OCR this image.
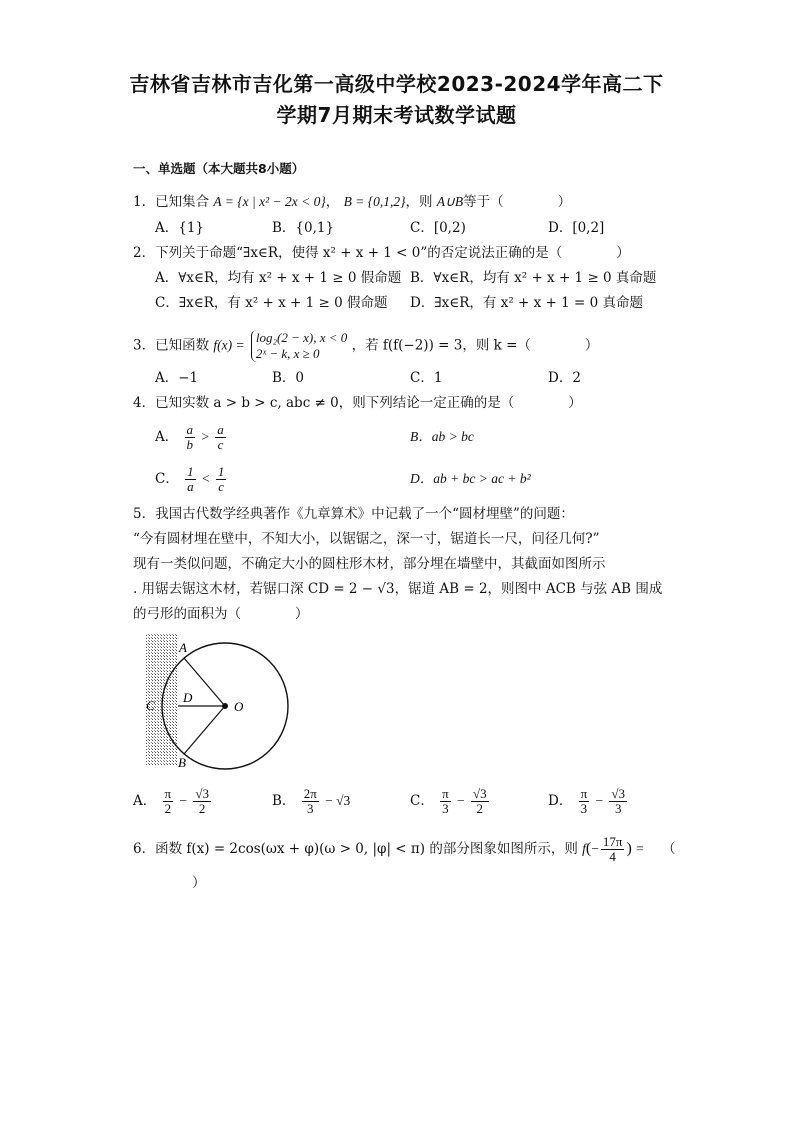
吉林省吉林市吉化第一高级中学校2023-2024学年高二下
学期7月期末考试数学试题
一、单选题（本大题共8小题）
1．已知集合 A = {x | x² − 2x < 0}， B = {0,1,2}，则 A∪B等于（　　　　）
A．{1}	B．{0,1}	C．[0,2)	D．[0,2]
2．下列关于命题“∃x∈R，使得 x² + x + 1 < 0”的否定说法正确的是（　　　　）
A．∀x∈R，均有 x² + x + 1 ≥ 0 假命题 B．∀x∈R，均有 x² + x + 1 ≥ 0 真命题
C．∃x∈R，有 x² + x + 1 ≥ 0 假命题 D．∃x∈R，有 x² + x + 1 = 0 真命题
3．已知函数 f(x) = log₂(2 − x), x < 0
2ˣ − k, x ≥ 0 ，若 f(f(−2)) = 3，则 k =（　　　　）
A．−1	B．0	C．1	D．2
4．已知实数 a > b > c, abc ≠ 0，则下列结论一定正确的是（　　　　）
A． $\frac{a}{b} > \frac{a}{c}$	B．ab > bc
C． $\frac{1}{a} < \frac{1}{c}$	D．ab + bc > ac + b²
5．我国古代数学经典著作《九章算术》中记载了一个“圆材埋壁”的问题：
“今有圆材埋在壁中，不知大小，以锯锯之，深一寸，锯道长一尺，问径几何?”
现有一类似问题，不确定大小的圆柱形木材，部分埋在墙壁中，其截面如图所示
. 用锯去锯这木材，若锯口深 CD = 2 − √3，锯道 AB = 2，则图中 ACB 与弦 AB 围成
的弓形的面积为（　　　　）
A
B
C
D
O
A． $\frac{\pi}{2} - \frac{√3}{2}$	B． $\frac{2\pi}{3} - √3$	C． $\frac{\pi}{3} - \frac{√3}{2}$	D． $\frac{\pi}{3} - \frac{√3}{3}$
6．函数 f(x) = 2cos(ωx + φ)(ω > 0, |φ| < π) 的部分图象如图所示，则 $f(- \frac{17\pi}{4}$ ) = （
）
